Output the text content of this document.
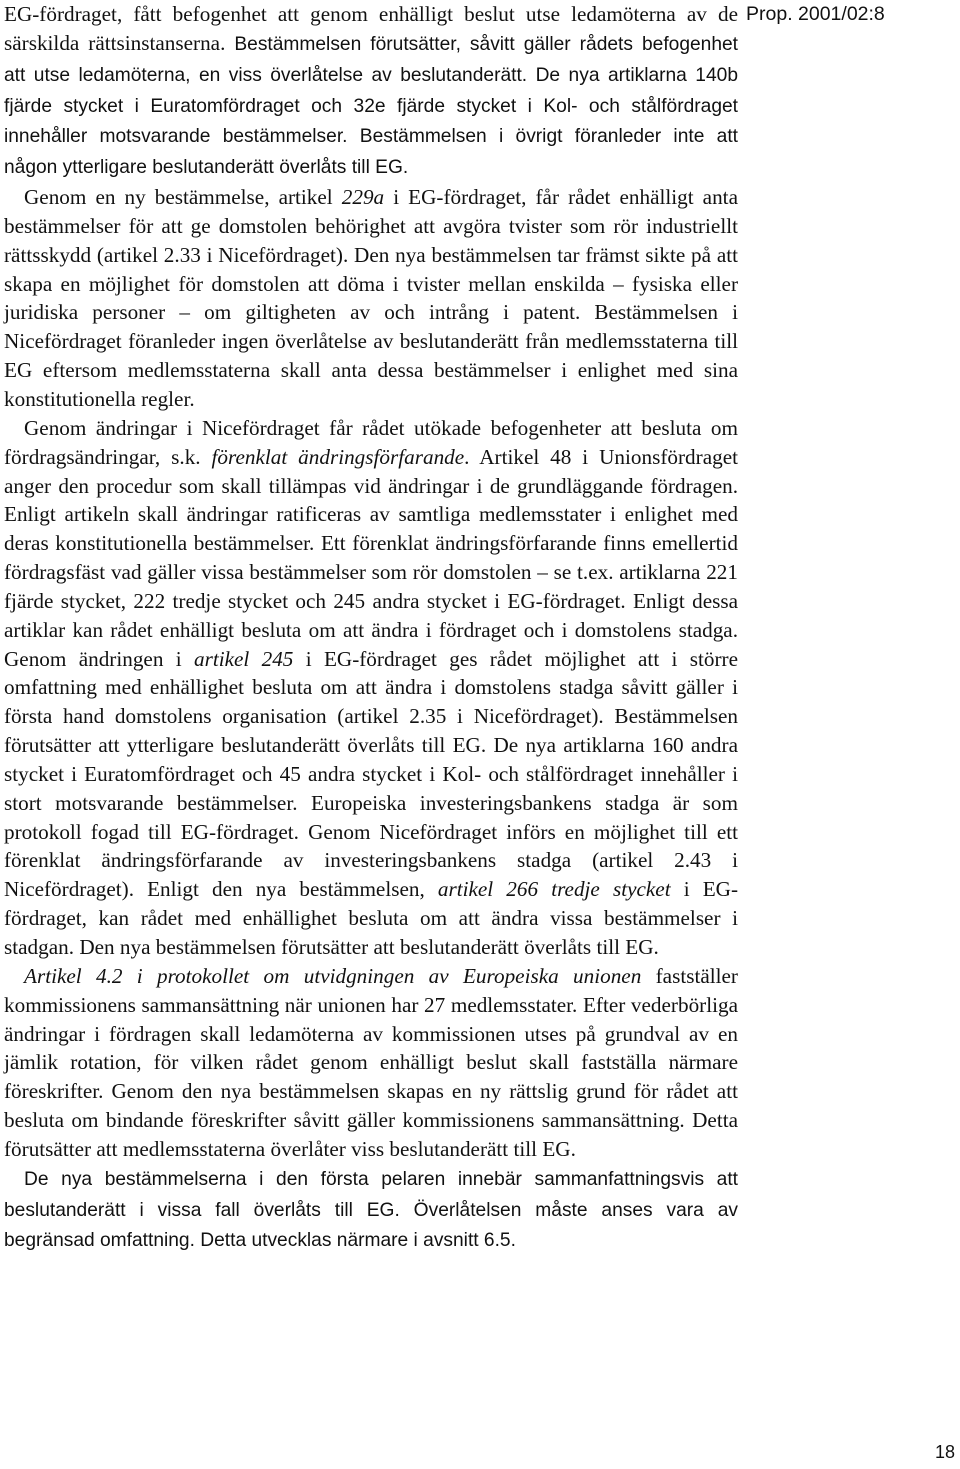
EG-fördraget, fått befogenhet att genom enhälligt beslut utse ledamöterna av de särskilda rättsinstanserna. Bestämmelsen förutsätter, såvitt gäller rådets befogenhet att utse ledamöterna, en viss överlåtelse av beslutanderätt. De nya artiklarna 140b fjärde stycket i Euratomfördraget och 32e fjärde stycket i Kol- och stålfördraget innehåller motsvarande bestämmelser. Bestämmelsen i övrigt föranleder inte att någon ytterligare beslutanderätt överlåts till EG.

Genom en ny bestämmelse, artikel 229a i EG-fördraget, får rådet enhälligt anta bestämmelser för att ge domstolen behörighet att avgöra tvister som rör industriellt rättsskydd (artikel 2.33 i Nicefördraget). Den nya bestämmelsen tar främst sikte på att skapa en möjlighet för domstolen att döma i tvister mellan enskilda – fysiska eller juridiska personer – om giltigheten av och intrång i patent. Bestämmelsen i Nicefördraget föranleder ingen överlåtelse av beslutanderätt från medlemsstaterna till EG eftersom medlemsstaterna skall anta dessa bestämmelser i enlighet med sina konstitutionella regler.

Genom ändringar i Nicefördraget får rådet utökade befogenheter att besluta om fördragsändringar, s.k. förenklat ändringsförfarande. Artikel 48 i Unionsfördraget anger den procedur som skall tillämpas vid ändringar i de grundläggande fördragen. Enligt artikeln skall ändringar ratificeras av samtliga medlemsstater i enlighet med deras konstitutionella bestämmelser. Ett förenklat ändringsförfarande finns emellertid fördragsfäst vad gäller vissa bestämmelser som rör domstolen – se t.ex. artiklarna 221 fjärde stycket, 222 tredje stycket och 245 andra stycket i EG-fördraget. Enligt dessa artiklar kan rådet enhälligt besluta om att ändra i fördraget och i domstolens stadga. Genom ändringen i artikel 245 i EG-fördraget ges rådet möjlighet att i större omfattning med enhällighet besluta om att ändra i domstolens stadga såvitt gäller i första hand domstolens organisation (artikel 2.35 i Nicefördraget). Bestämmelsen förutsätter att ytterligare beslutanderätt överlåts till EG. De nya artiklarna 160 andra stycket i Euratomfördraget och 45 andra stycket i Kol- och stålfördraget innehåller i stort motsvarande bestämmelser. Europeiska investeringsbankens stadga är som protokoll fogad till EG-fördraget. Genom Nicefördraget införs en möjlighet till ett förenklat ändringsförfarande av investeringsbankens stadga (artikel 2.43 i Nicefördraget). Enligt den nya bestämmelsen, artikel 266 tredje stycket i EG-fördraget, kan rådet med enhällighet besluta om att ändra vissa bestämmelser i stadgan. Den nya bestämmelsen förutsätter att beslutanderätt överlåts till EG.

Artikel 4.2 i protokollet om utvidgningen av Europeiska unionen fastställer kommissionens sammansättning när unionen har 27 medlemsstater. Efter vederbörliga ändringar i fördragen skall ledamöterna av kommissionen utses på grundval av en jämlik rotation, för vilken rådet genom enhälligt beslut skall fastställa närmare föreskrifter. Genom den nya bestämmelsen skapas en ny rättslig grund för rådet att besluta om bindande föreskrifter såvitt gäller kommissionens sammansättning. Detta förutsätter att medlemsstaterna överlåter viss beslutanderätt till EG.

De nya bestämmelserna i den första pelaren innebär sammanfattningsvis att beslutanderätt i vissa fall överlåts till EG. Överlåtelsen måste anses vara av begränsad omfattning. Detta utvecklas närmare i avsnitt 6.5.

Prop. 2001/02:8
18
